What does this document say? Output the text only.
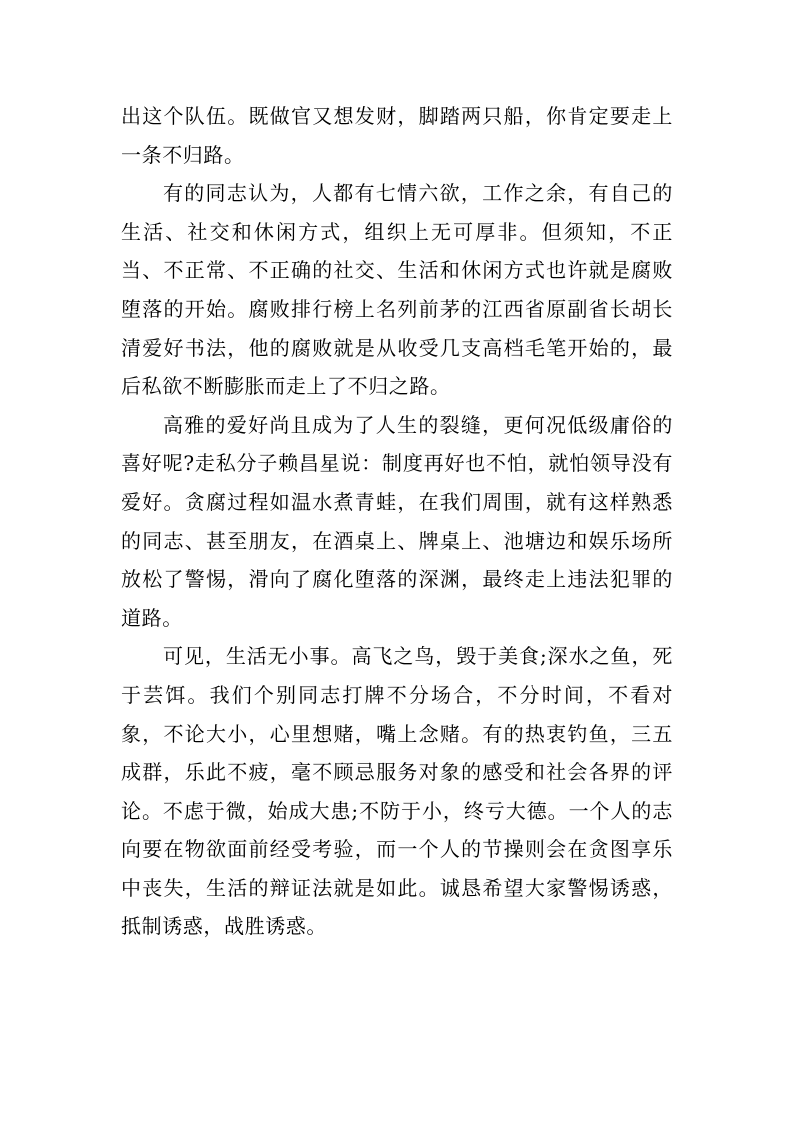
出这个队伍。既做官又想发财，脚踏两只船，你肯定要走上一条不归路。

有的同志认为，人都有七情六欲，工作之余，有自己的生活、社交和休闲方式，组织上无可厚非。但须知，不正当、不正常、不正确的社交、生活和休闲方式也许就是腐败堕落的开始。腐败排行榜上名列前茅的江西省原副省长胡长清爱好书法，他的腐败就是从收受几支高档毛笔开始的，最后私欲不断膨胀而走上了不归之路。

高雅的爱好尚且成为了人生的裂缝，更何况低级庸俗的喜好呢?走私分子赖昌星说：制度再好也不怕，就怕领导没有爱好。贪腐过程如温水煮青蛙，在我们周围，就有这样熟悉的同志、甚至朋友，在酒桌上、牌桌上、池塘边和娱乐场所放松了警惕，滑向了腐化堕落的深渊，最终走上违法犯罪的道路。

可见，生活无小事。高飞之鸟，毁于美食;深水之鱼，死于芸饵。我们个别同志打牌不分场合，不分时间，不看对象，不论大小，心里想赌，嘴上念赌。有的热衷钓鱼，三五成群，乐此不疲，毫不顾忌服务对象的感受和社会各界的评论。不虑于微，始成大患;不防于小，终亏大德。一个人的志向要在物欲面前经受考验，而一个人的节操则会在贪图享乐中丧失，生活的辩证法就是如此。诚恳希望大家警惕诱惑，抵制诱惑，战胜诱惑。
